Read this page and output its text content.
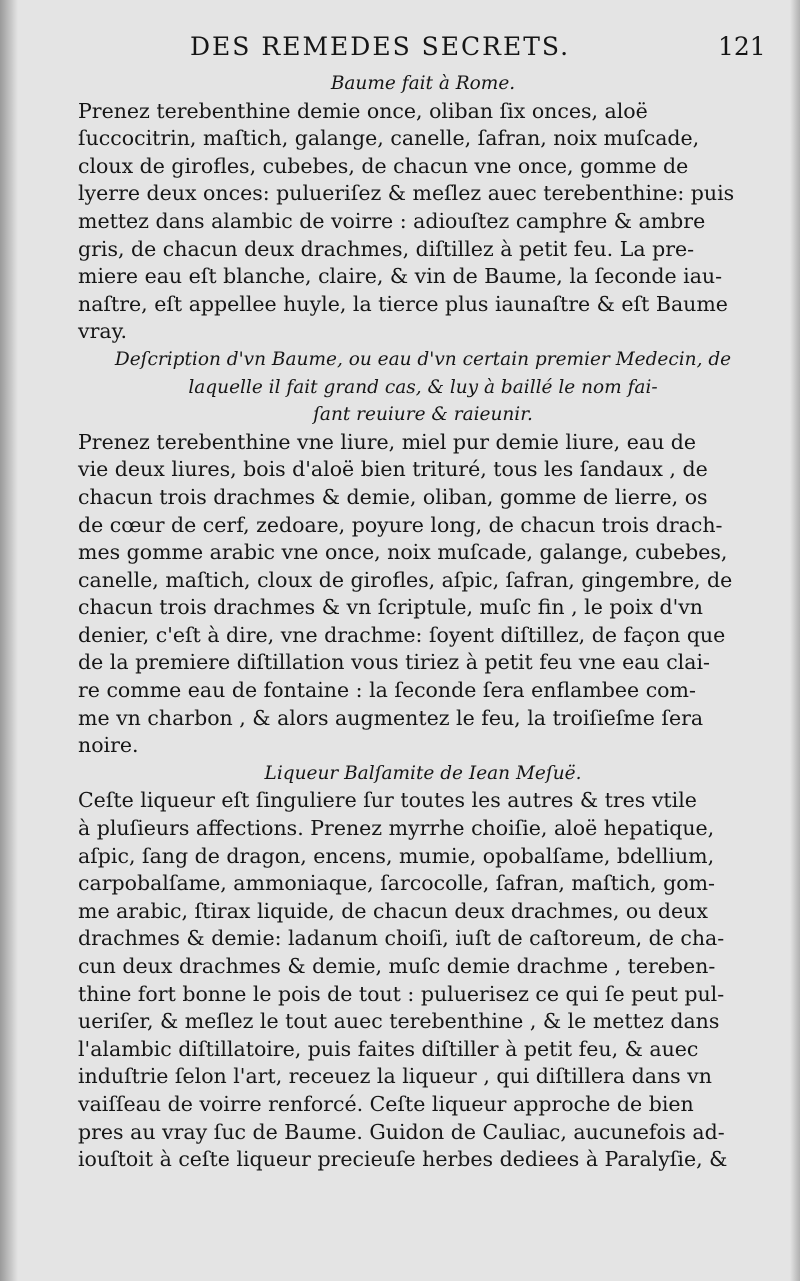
DES REMEDES SECRETS.	121
Baume fait à Rome.
Prenez terebenthine demie once, oliban ſix onces, aloë
ſuccocitrin, maſtich, galange, canelle, ſafran, noix muſcade,
cloux de girofles, cubebes, de chacun vne once, gomme de
lyerre deux onces: pulueriſez & meſlez auec terebenthine: puis
mettez dans alambic de voirre : adiouſtez camphre & ambre
gris, de chacun deux drachmes, diſtillez à petit feu. La pre-
miere eau eſt blanche, claire, & vin de Baume, la ſeconde iau-
naſtre, eſt appellee huyle, la tierce plus iaunaſtre & eſt Baume
vray.
Deſcription d'vn Baume, ou eau d'vn certain premier Medecin, de
laquelle il fait grand cas, & luy à baillé le nom fai-
ſant reuiure & raieunir.
Prenez terebenthine vne liure, miel pur demie liure, eau de
vie deux liures, bois d'aloë bien trituré, tous les ſandaux , de
chacun trois drachmes & demie, oliban, gomme de lierre, os
de cœur de cerf, zedoare, poyure long, de chacun trois drach-
mes gomme arabic vne once, noix muſcade, galange, cubebes,
canelle, maſtich, cloux de girofles, aſpic, ſafran, gingembre, de
chacun trois drachmes & vn ſcriptule, muſc fin , le poix d'vn
denier, c'eſt à dire, vne drachme: ſoyent diſtillez, de façon que
de la premiere diſtillation vous tiriez à petit feu vne eau clai-
re comme eau de fontaine : la ſeconde ſera enflambee com-
me vn charbon , & alors augmentez le feu, la troiſieſme ſera
noire.
Liqueur Balſamite de Iean Meſuë.
Ceſte liqueur eſt ſinguliere ſur toutes les autres & tres vtile
à pluſieurs affections. Prenez myrrhe choiſie, aloë hepatique,
aſpic, ſang de dragon, encens, mumie, opobalſame, bdellium,
carpobalſame, ammoniaque, ſarcocolle, ſafran, maſtich, gom-
me arabic, ſtirax liquide, de chacun deux drachmes, ou deux
drachmes & demie: ladanum choiſi, iuſt de caſtoreum, de cha-
cun deux drachmes & demie, muſc demie drachme , tereben-
thine fort bonne le pois de tout : puluerisez ce qui ſe peut pul-
ueriſer, & meſlez le tout auec terebenthine , & le mettez dans
l'alambic diſtillatoire, puis faites diſtiller à petit feu, & auec
induſtrie ſelon l'art, receuez la liqueur , qui diſtillera dans vn
vaiſſeau de voirre renforcé. Ceſte liqueur approche de bien
pres au vray ſuc de Baume. Guidon de Cauliac, aucunefois ad-
iouſtoit à ceſte liqueur precieuſe herbes dediees à Paralyſie, &
